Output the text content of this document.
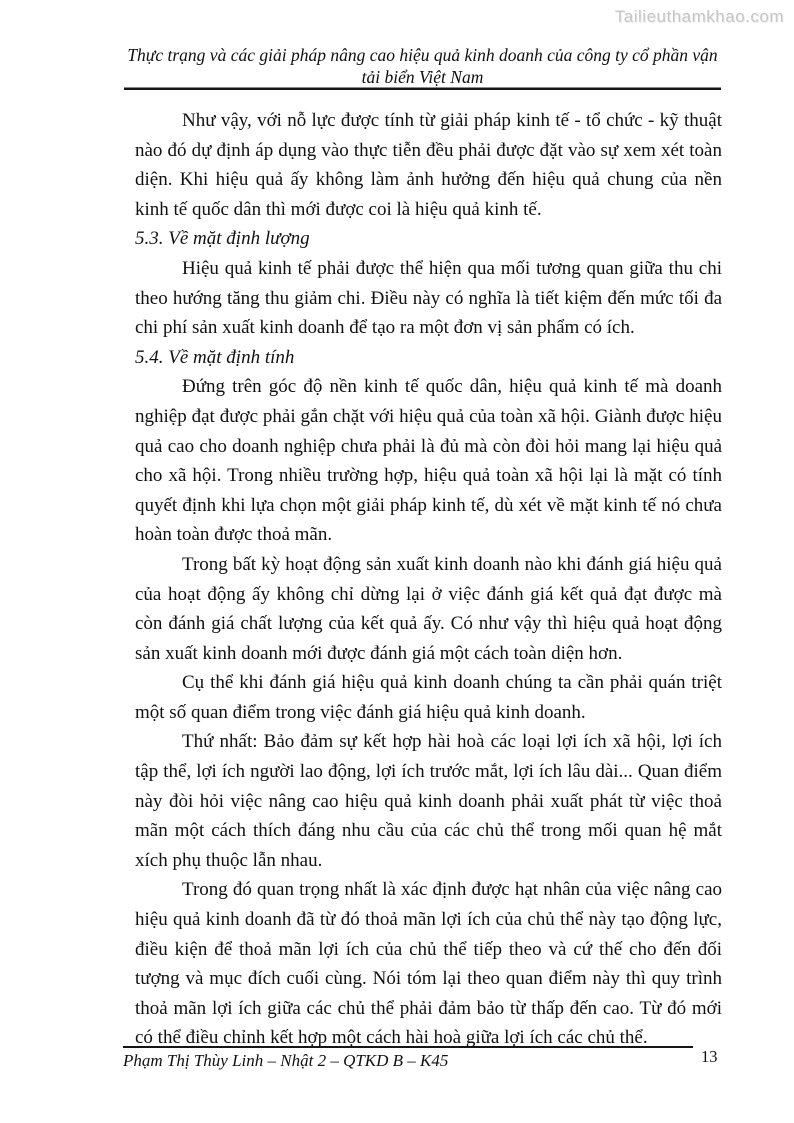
Tailieuthamkhao.com
Thực trạng và các giải pháp nâng cao hiệu quả kinh doanh của công ty cổ phần vận tải biển Việt Nam

Như vậy, với nỗ lực được tính từ giải pháp kinh tế - tổ chức - kỹ thuật nào đó dự định áp dụng vào thực tiễn đều phải được đặt vào sự xem xét toàn diện. Khi hiệu quả ấy không làm ảnh hưởng đến hiệu quả chung của nền kinh tế quốc dân thì mới được coi là hiệu quả kinh tế.

5.3. Về mặt định lượng

Hiệu quả kinh tế phải được thể hiện qua mối tương quan giữa thu chi theo hướng tăng thu giảm chi. Điều này có nghĩa là tiết kiệm đến mức tối đa chi phí sản xuất kinh doanh để tạo ra một đơn vị sản phẩm có ích.

5.4. Về mặt định tính

Đứng trên góc độ nền kinh tế quốc dân, hiệu quả kinh tế mà doanh nghiệp đạt được phải gắn chặt với hiệu quả của toàn xã hội. Giành được hiệu quả cao cho doanh nghiệp chưa phải là đủ mà còn đòi hỏi mang lại hiệu quả cho xã hội. Trong nhiều trường hợp, hiệu quả toàn xã hội lại là mặt có tính quyết định khi lựa chọn một giải pháp kinh tế, dù xét về mặt kinh tế nó chưa hoàn toàn được thoả mãn.

Trong bất kỳ hoạt động sản xuất kinh doanh nào khi đánh giá hiệu quả của hoạt động ấy không chỉ dừng lại ở việc đánh giá kết quả đạt được mà còn đánh giá chất lượng của kết quả ấy. Có như vậy thì hiệu quả hoạt động sản xuất kinh doanh mới được đánh giá một cách toàn diện hơn.

Cụ thể khi đánh giá hiệu quả kinh doanh chúng ta cần phải quán triệt một số quan điểm trong việc đánh giá hiệu quả kinh doanh.

Thứ nhất: Bảo đảm sự kết hợp hài hoà các loại lợi ích xã hội, lợi ích tập thể, lợi ích người lao động, lợi ích trước mắt, lợi ích lâu dài... Quan điểm này đòi hỏi việc nâng cao hiệu quả kinh doanh phải xuất phát từ việc thoả mãn một cách thích đáng nhu cầu của các chủ thể trong mối quan hệ mắt xích phụ thuộc lẫn nhau.

Trong đó quan trọng nhất là xác định được hạt nhân của việc nâng cao hiệu quả kinh doanh đã từ đó thoả mãn lợi ích của chủ thể này tạo động lực, điều kiện để thoả mãn lợi ích của chủ thể tiếp theo và cứ thế cho đến đối tượng và mục đích cuối cùng. Nói tóm lại theo quan điểm này thì quy trình thoả mãn lợi ích giữa các chủ thể phải đảm bảo từ thấp đến cao. Từ đó mới có thể điều chỉnh kết hợp một cách hài hoà giữa lợi ích các chủ thể.

Phạm Thị Thùy Linh – Nhật 2 – QTKD B – K45	13
